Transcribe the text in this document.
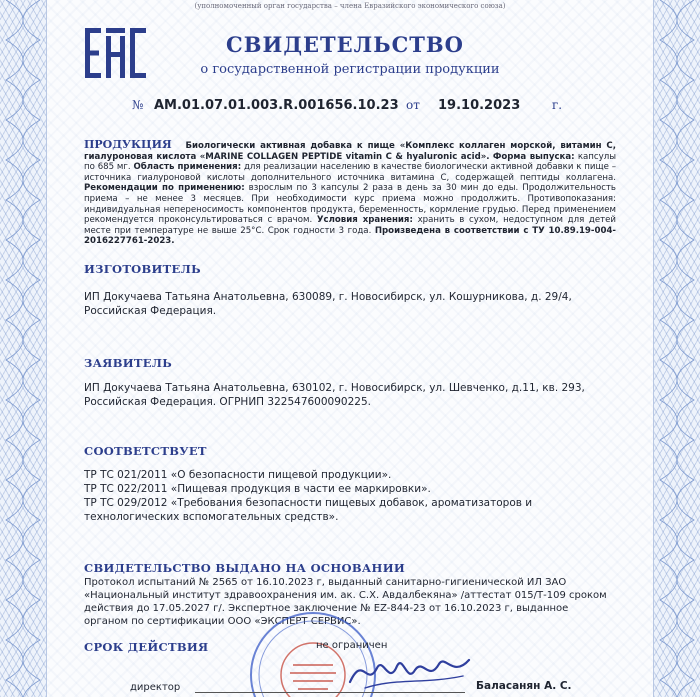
(уполномоченный орган государства – члена Евразийского экономического союза)
СВИДЕТЕЛЬСТВО
о государственной регистрации продукции
№ AM.01.07.01.003.R.001656.10.23 от 19.10.2023	г.
ПРОДУКЦИЯ Биологически активная добавка к пище «Комплекс коллаген морской, витамин С, гиалуроновая кислота «MARINE COLLAGEN PEPTIDE vitamin C & hyaluronic acid». Форма выпуска: капсулы по 685 мг. Область применения: для реализации населению в качестве биологически активной добавки к пище – источника гиалуроновой кислоты дополнительного источника витамина С, содержащей пептиды коллагена. Рекомендации по применению: взрослым по 3 капсулы 2 раза в день за 30 мин до еды. Продолжительность приема – не менее 3 месяцев. При необходимости курс приема можно продолжить. Противопоказания: индивидуальная непереносимость компонентов продукта, беременность, кормление грудью. Перед применением рекомендуется проконсультироваться с врачом. Условия хранения: хранить в сухом, недоступном для детей месте при температуре не выше 25°С. Срок годности 3 года. Произведена в соответствии с ТУ 10.89.19-004-2016227761-2023.
ИЗГОТОВИТЕЛЬ
ИП Докучаева Татьяна Анатольевна, 630089, г. Новосибирск, ул. Кошурникова, д. 29/4, Российская Федерация.
ЗАЯВИТЕЛЬ
ИП Докучаева Татьяна Анатольевна, 630102, г. Новосибирск, ул. Шевченко, д.11, кв. 293, Российская Федерация. ОГРНИП 322547600090225.
СООТВЕТСТВУЕТ
ТР ТС 021/2011 «О безопасности пищевой продукции».
ТР ТС 022/2011 «Пищевая продукция в части ее маркировки».
ТР ТС 029/2012 «Требования безопасности пищевых добавок, ароматизаторов и технологических вспомогательных средств».
СВИДЕТЕЛЬСТВО ВЫДАНО НА ОСНОВАНИИ
Протокол испытаний № 2565 от 16.10.2023 г, выданный санитарно-гигиенической ИЛ ЗАО «Национальный институт здравоохранения им. ак. С.Х. Авдалбекяна» /аттестат 015/Т-109 сроком действия до 17.05.2027 г/. Экспертное заключение № EZ-844-23 от 16.10.2023 г, выданное органом по сертификации ООО «ЭКСПЕРТ СЕРВИС».
СРОК ДЕЙСТВИЯ	не ограничен
директор	Баласанян А. С.
